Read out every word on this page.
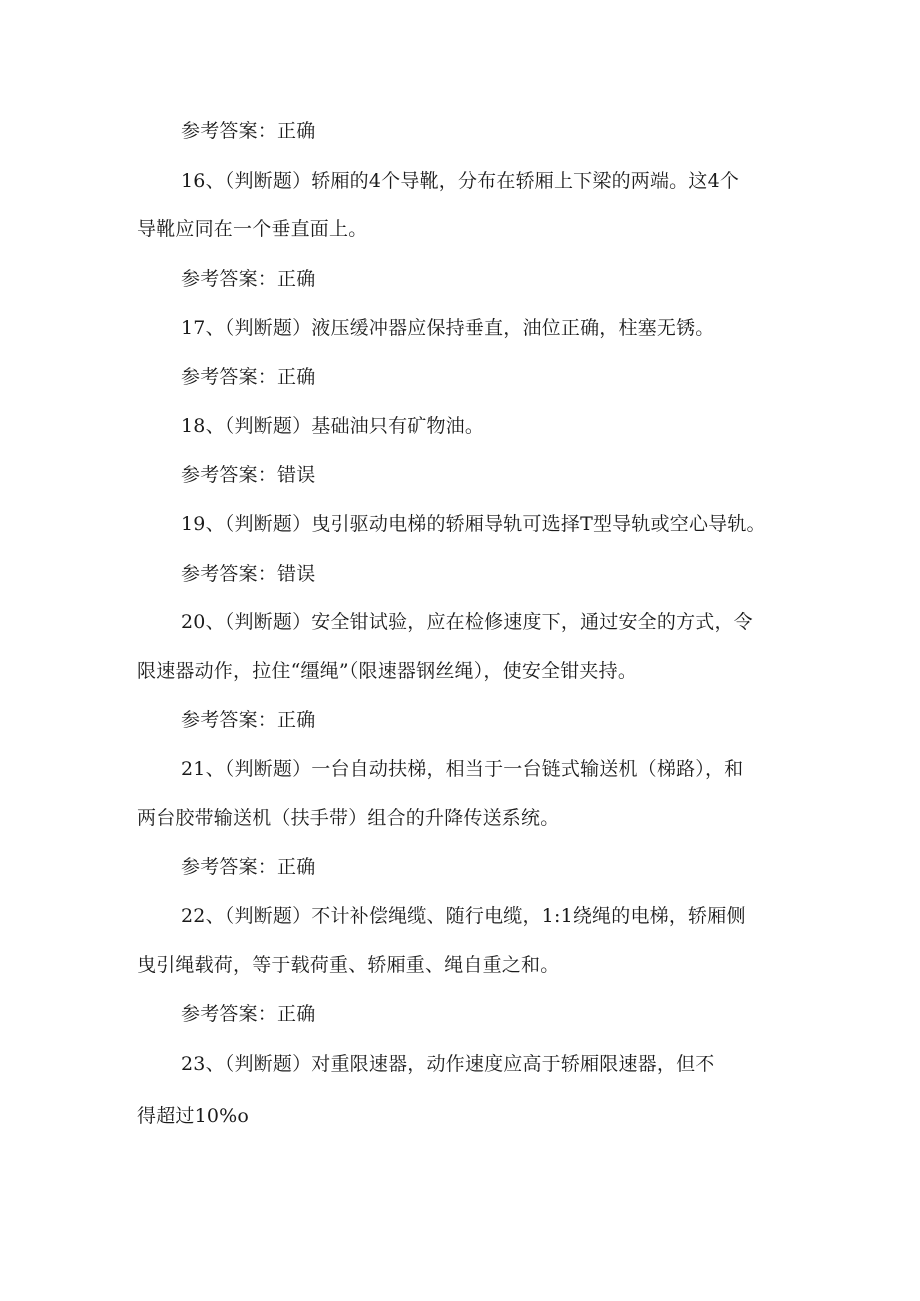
参考答案：正确
16、（判断题）轿厢的4个导靴，分布在轿厢上下梁的两端。这4个
导靴应同在一个垂直面上。
参考答案：正确
17、（判断题）液压缓冲器应保持垂直，油位正确，柱塞无锈。
参考答案：正确
18、（判断题）基础油只有矿物油。
参考答案：错误
19、（判断题）曳引驱动电梯的轿厢导轨可选择T型导轨或空心导轨。
参考答案：错误
20、（判断题）安全钳试验，应在检修速度下，通过安全的方式，令
限速器动作，拉住“缰绳”（限速器钢丝绳），使安全钳夹持。
参考答案：正确
21、（判断题）一台自动扶梯，相当于一台链式输送机（梯路），和
两台胶带输送机（扶手带）组合的升降传送系统。
参考答案：正确
22、（判断题）不计补偿绳缆、随行电缆，1:1绕绳的电梯，轿厢侧
曳引绳载荷，等于载荷重、轿厢重、绳自重之和。
参考答案：正确
23、（判断题）对重限速器，动作速度应高于轿厢限速器，但不
得超过10%o
